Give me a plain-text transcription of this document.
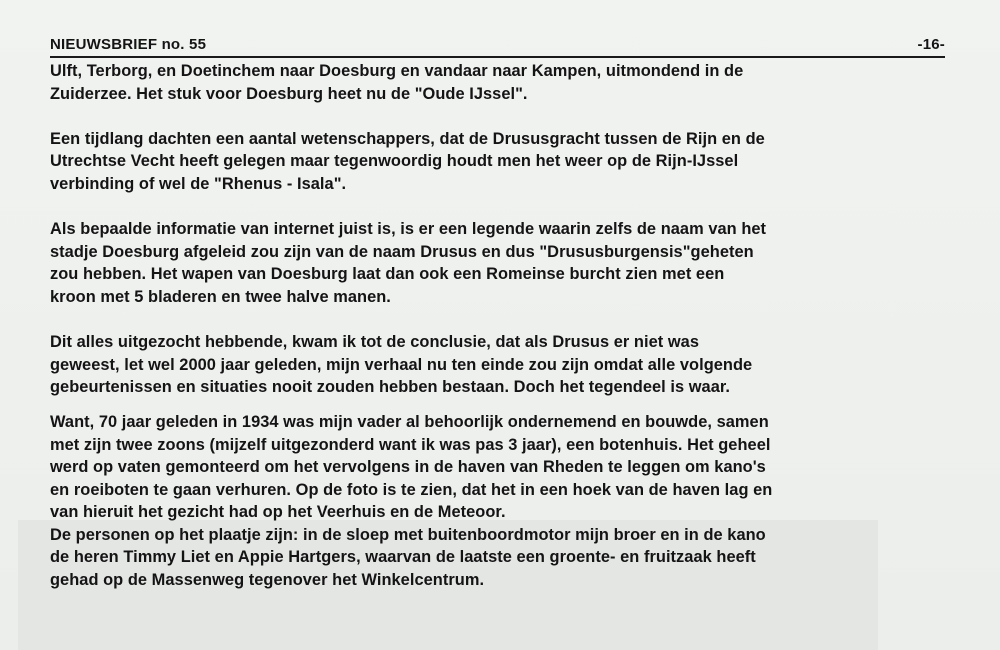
NIEUWSBRIEF no. 55	-16-

Ulft, Terborg, en Doetinchem naar Doesburg en vandaar naar Kampen, uitmondend in de
Zuiderzee. Het stuk voor Doesburg heet nu de "Oude IJssel".

Een tijdlang dachten een aantal wetenschappers, dat de Drususgracht tussen de Rijn en de
Utrechtse Vecht heeft gelegen maar tegenwoordig houdt men het weer op de Rijn-IJssel
verbinding of wel de "Rhenus - Isala".

Als bepaalde informatie van internet juist is, is er een legende waarin zelfs de naam van het
stadje Doesburg afgeleid zou zijn van de naam Drusus en dus "Drususburgensis"geheten
zou hebben. Het wapen van Doesburg laat dan ook een Romeinse burcht zien met een
kroon met 5 bladeren en twee halve manen.

Dit alles uitgezocht hebbende, kwam ik tot de conclusie, dat als Drusus er niet was
geweest, let wel 2000 jaar geleden, mijn verhaal nu ten einde zou zijn omdat alle volgende
gebeurtenissen en situaties nooit zouden hebben bestaan. Doch het tegendeel is waar.

Want, 70 jaar geleden in 1934 was mijn vader al behoorlijk ondernemend en bouwde, samen
met zijn twee zoons (mijzelf uitgezonderd want ik was pas 3 jaar), een botenhuis. Het geheel
werd op vaten gemonteerd om het vervolgens in de haven van Rheden te leggen om kano's
en roeiboten te gaan verhuren. Op de foto is te zien, dat het in een hoek van de haven lag en
van hieruit het gezicht had op het Veerhuis en de Meteoor.
De personen op het plaatje zijn: in de sloep met buitenboordmotor mijn broer en in de kano
de heren Timmy Liet en Appie Hartgers, waarvan de laatste een groente- en fruitzaak heeft
gehad op de Massenweg tegenover het Winkelcentrum.
